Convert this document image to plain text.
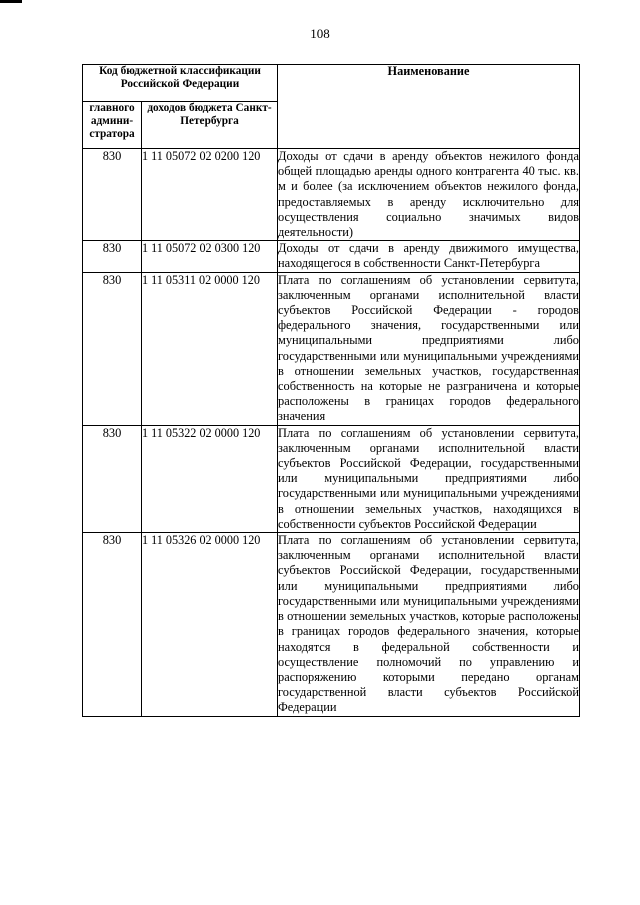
108
Код бюджетной классификации Российской Федерации		Наименование
главного админи-стратора	доходов бюджета Санкт-Петербурга	
830	1 11 05072 02 0200 120	Доходы от сдачи в аренду объектов нежилого фонда общей площадью аренды одного контрагента 40 тыс. кв. м и более (за исключением объектов нежилого фонда, предоставляемых в аренду исключительно для осуществления социально значимых видов деятельности)
830	1 11 05072 02 0300 120	Доходы от сдачи в аренду движимого имущества, находящегося в собственности Санкт-Петербурга
830	1 11 05311 02 0000 120	Плата по соглашениям об установлении сервитута, заключенным органами исполнительной власти субъектов Российской Федерации - городов федерального значения, государственными или муниципальными предприятиями либо государственными или муниципальными учреждениями в отношении земельных участков, государственная собственность на которые не разграничена и которые расположены в границах городов федерального значения
830	1 11 05322 02 0000 120	Плата по соглашениям об установлении сервитута, заключенным органами исполнительной власти субъектов Российской Федерации, государственными или муниципальными предприятиями либо государственными или муниципальными учреждениями в отношении земельных участков, находящихся в собственности субъектов Российской Федерации
830	1 11 05326 02 0000 120	Плата по соглашениям об установлении сервитута, заключенным органами исполнительной власти субъектов Российской Федерации, государственными или муниципальными предприятиями либо государственными или муниципальными учреждениями в отношении земельных участков, которые расположены в границах городов федерального значения, которые находятся в федеральной собственности и осуществление полномочий по управлению и распоряжению которыми передано органам государственной власти субъектов Российской Федерации
